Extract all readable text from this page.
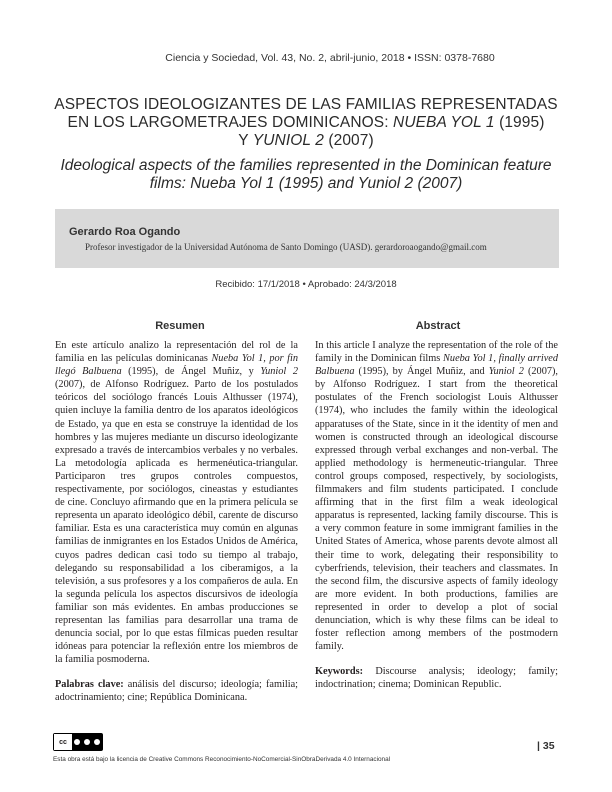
Ciencia y Sociedad, Vol. 43, No. 2, abril-junio, 2018 • ISSN: 0378-7680
ASPECTOS IDEOLOGIZANTES DE LAS FAMILIAS REPRESENTADAS
EN LOS LARGOMETRAJES DOMINICANOS: NUEBA YOL 1 (1995)
Y YUNIOL 2 (2007)
Ideological aspects of the families represented in the Dominican feature
films: Nueba Yol 1 (1995) and Yuniol 2 (2007)
Gerardo Roa Ogando
Profesor investigador de la Universidad Autónoma de Santo Domingo (UASD). gerardoroaogando@gmail.com
Recibido: 17/1/2018 • Aprobado: 24/3/2018
Resumen	Abstract

En este artículo analizo la representación del rol de la familia en las películas dominicanas Nueba Yol 1, por fin llegó Balbuena (1995), de Ángel Muñiz, y Yuniol 2 (2007), de Alfonso Rodríguez. Parto de los postulados teóricos del sociólogo francés Louis Althusser (1974), quien incluye la familia dentro de los aparatos ideológicos de Estado, ya que en esta se construye la identidad de los hombres y las mujeres mediante un discurso ideologizante expresado a través de intercambios verbales y no verbales. La metodología aplicada es hermenéutica-triangular. Participaron tres grupos controles compuestos, respectivamente, por sociólogos, cineastas y estudiantes de cine. Concluyo afirmando que en la primera película se representa un aparato ideológico débil, carente de discurso familiar. Esta es una característica muy común en algunas familias de inmigrantes en los Estados Unidos de América, cuyos padres dedican casi todo su tiempo al trabajo, delegando su responsabilidad a los ciberamigos, a la televisión, a sus profesores y a los compañeros de aula. En la segunda película los aspectos discursivos de ideología familiar son más evidentes. En ambas producciones se representan las familias para desarrollar una trama de denuncia social, por lo que estas fílmicas pueden resultar idóneas para potenciar la reflexión entre los miembros de la familia posmoderna.

Palabras clave: análisis del discurso; ideología; familia; adoctrinamiento; cine; República Dominicana.

In this article I analyze the representation of the role of the family in the Dominican films Nueba Yol 1, finally arrived Balbuena (1995), by Ángel Muñiz, and Yuniol 2 (2007), by Alfonso Rodríguez. I start from the theoretical postulates of the French sociologist Louis Althusser (1974), who includes the family within the ideological apparatuses of the State, since in it the identity of men and women is constructed through an ideological discourse expressed through verbal exchanges and non-verbal. The applied methodology is hermeneutic-triangular. Three control groups composed, respectively, by sociologists, filmmakers and film students participated. I conclude affirming that in the first film a weak ideological apparatus is represented, lacking family discourse. This is a very common feature in some immigrant families in the United States of America, whose parents devote almost all their time to work, delegating their responsibility to cyberfriends, television, their teachers and classmates. In the second film, the discursive aspects of family ideology are more evident. In both productions, families are represented in order to develop a plot of social denunciation, which is why these films can be ideal to foster reflection among members of the postmodern family.

Keywords: Discourse analysis; ideology; family; indoctrination; cinema; Dominican Republic.

cc
Esta obra está bajo la licencia de Creative Commons Reconocimiento-NoComercial-SinObraDerivada 4.0 Internacional
| 35
